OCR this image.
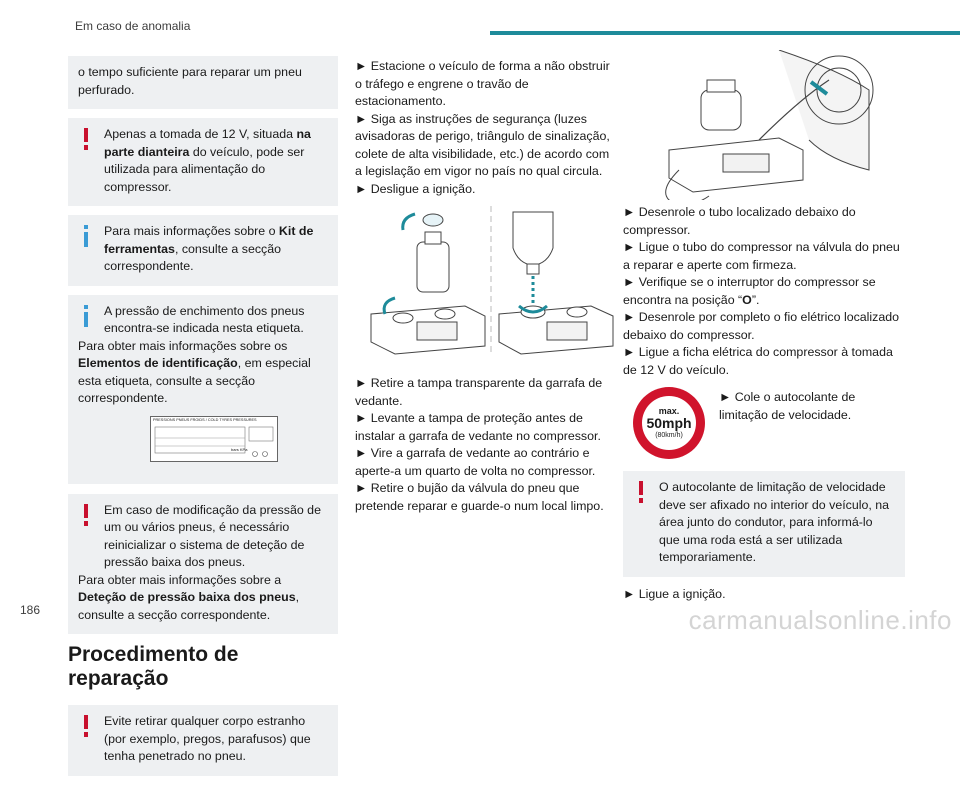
Em caso de anomalia

o tempo suficiente para reparar um pneu perfurado.

Apenas a tomada de 12 V, situada na parte dianteira do veículo, pode ser utilizada para alimentação do compressor.

Para mais informações sobre o Kit de ferramentas, consulte a secção correspondente.

A pressão de enchimento dos pneus encontra-se indicada nesta etiqueta.

Para obter mais informações sobre os Elementos de identificação, em especial esta etiqueta, consulte a secção correspondente.

PRESSIONS PNEUS FROIDS / COLD TYRES PRESSURES
bars KPa

Em caso de modificação da pressão de um ou vários pneus, é necessário reinicializar o sistema de deteção de pressão baixa dos pneus.

Para obter mais informações sobre a Deteção de pressão baixa dos pneus, consulte a secção correspondente.

Procedimento de reparação

Evite retirar qualquer corpo estranho (por exemplo, pregos, parafusos) que tenha penetrado no pneu.

► Estacione o veículo de forma a não obstruir o tráfego e engrene o travão de estacionamento.
► Siga as instruções de segurança (luzes avisadoras de perigo, triângulo de sinalização, colete de alta visibilidade, etc.) de acordo com a legislação em vigor no país no qual circula.
► Desligue a ignição.
► Retire a tampa transparente da garrafa de vedante.
► Levante a tampa de proteção antes de instalar a garrafa de vedante no compressor.
► Vire a garrafa de vedante ao contrário e aperte-a um quarto de volta no compressor.
► Retire o bujão da válvula do pneu que pretende reparar e guarde-o num local limpo.
► Desenrole o tubo localizado debaixo do compressor.
► Ligue o tubo do compressor na válvula do pneu a reparar e aperte com firmeza.
► Verifique se o interruptor do compressor se encontra na posição “O”.
► Desenrole por completo o fio elétrico localizado debaixo do compressor.
► Ligue a ficha elétrica do compressor à tomada de 12 V do veículo.
max.
50mph
(80km/h)
► Cole o autocolante de limitação de velocidade.

O autocolante de limitação de velocidade deve ser afixado no interior do veículo, na área junto do condutor, para informá-lo que uma roda está a ser utilizada temporariamente.

► Ligue a ignição.
186	carmanualsonline.info
